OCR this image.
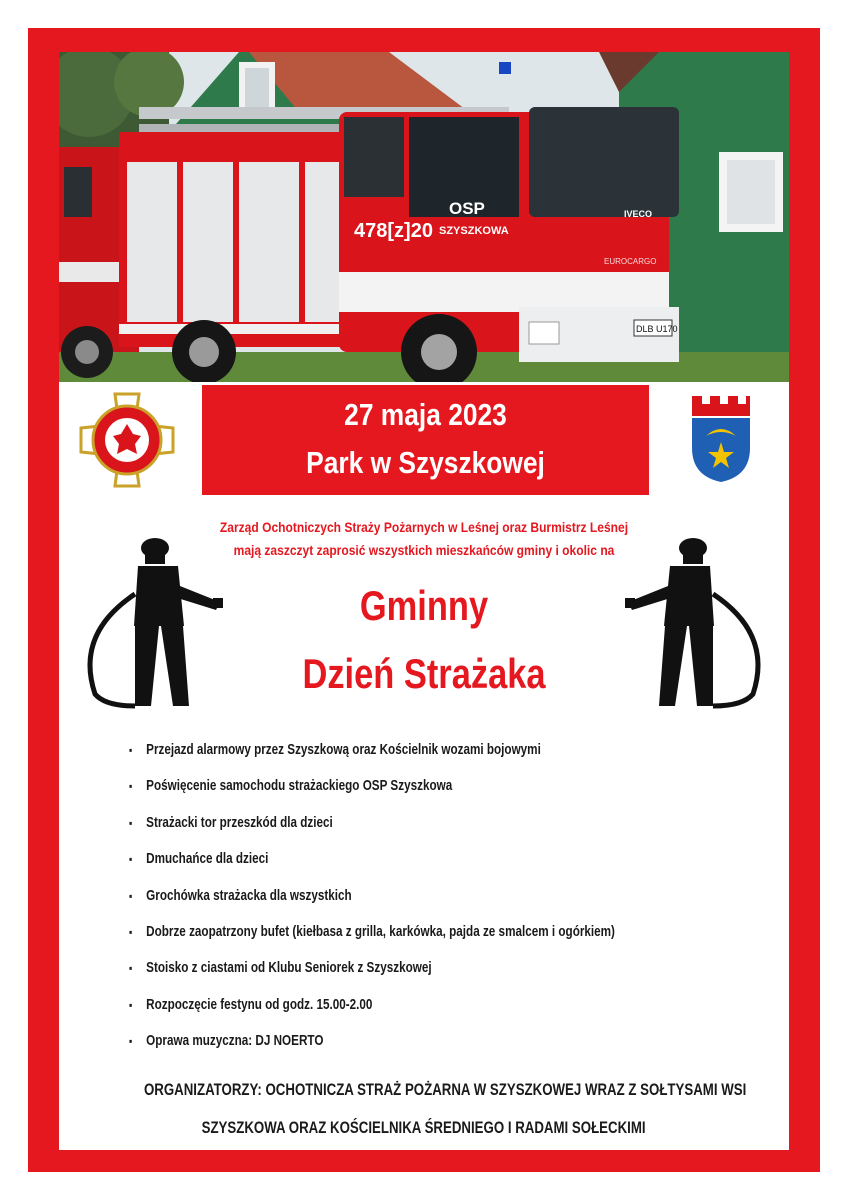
478[z]20
OSP
SZYSZKOWA
IVECO
EUROCARGO
DLB U170
27 maja 2023
Park w Szyszkowej
Zarząd Ochotniczych Straży Pożarnych w Leśnej oraz Burmistrz Leśnej
mają zaszczyt zaprosić wszystkich mieszkańców gminy i okolic na
Gminny
Dzień Strażaka
▪ Przejazd alarmowy przez Szyszkową oraz Kościelnik wozami bojowymi
▪ Poświęcenie samochodu strażackiego OSP Szyszkowa
▪ Strażacki tor przeszkód dla dzieci
▪ Dmuchańce dla dzieci
▪ Grochówka strażacka dla wszystkich
▪ Dobrze zaopatrzony bufet (kiełbasa z grilla, karkówka, pajda ze smalcem i ogórkiem)
▪ Stoisko z ciastami od Klubu Seniorek z Szyszkowej
▪ Rozpoczęcie festynu od godz. 15.00-2.00
▪ Oprawa muzyczna: DJ NOERTO
ORGANIZATORZY: OCHOTNICZA STRAŻ POŻARNA W SZYSZKOWEJ WRAZ Z SOŁTYSAMI WSI
SZYSZKOWA ORAZ KOŚCIELNIKA ŚREDNIEGO I RADAMI SOŁECKIMI
